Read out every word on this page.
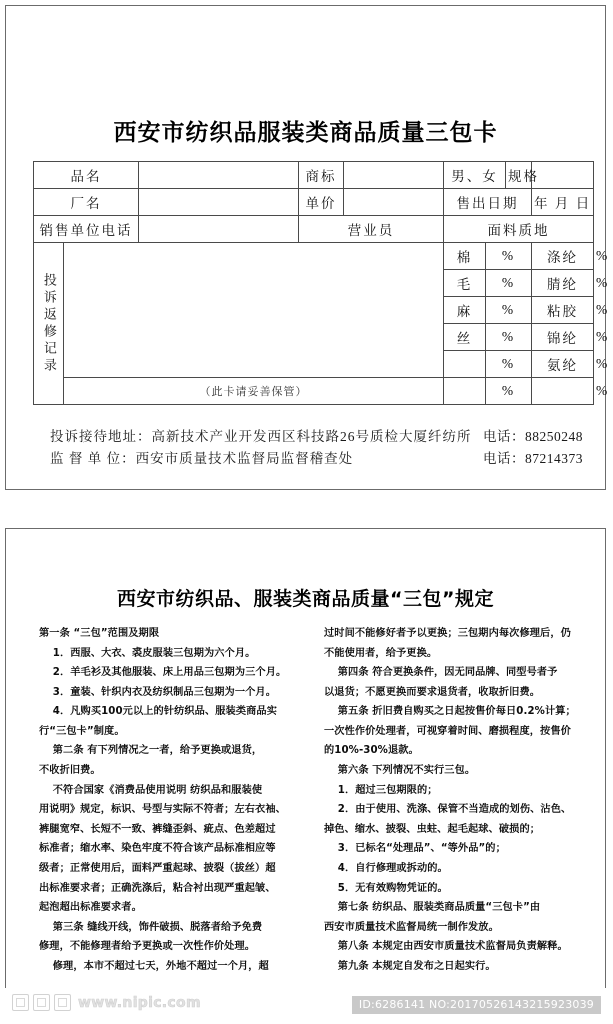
西安市纺织品服装类商品质量三包卡
品名			商标		男、女		规格		
厂名			单价		售出日期			年 月 日	
销售单位电话			营业员		面料质地				

投诉返修记录					棉	%		涤纶	%
					毛	%		腈纶	%
					麻	%		粘胶	%
					丝	%		锦纶	%
						%		氨纶	%
	（此卡请妥善保管）					%			%
投诉接待地址：高新技术产业开发西区科技路26号质检大厦纤纺所 电话：88250248
监 督 单 位：西安市质量技术监督局监督稽查处	电话：87214373
西安市纺织品、服装类商品质量“三包”规定

第一条 “三包”范围及期限

1．西服、大衣、裘皮服装三包期为六个月。

2．羊毛衫及其他服装、床上用品三包期为三个月。

3．童装、针织内衣及纺织制品三包期为一个月。

4．凡购买100元以上的针纺织品、服装类商品实

行“三包卡”制度。

第二条 有下列情况之一者，给予更换或退货，

不收折旧费。

不符合国家《消费品使用说明 纺织品和服装使

用说明》规定，标识、号型与实际不符者；左右衣袖、

裤腿宽窄、长短不一致、裤缝歪斜、疵点、色差超过

标准者；缩水率、染色牢度不符合该产品标准相应等

级者；正常使用后，面料严重起球、披裂（拔丝）超

出标准要求者；正确洗涤后，粘合衬出现严重起皱、

起泡超出标准要求者。

第三条 缝线开线，饰件破损、脱落者给予免费

修理，不能修理者给予更换或一次性作价处理。

修理，本市不超过七天，外地不超过一个月，超

过时间不能修好者予以更换；三包期内每次修理后，仍

不能使用者，给予更换。

第四条 符合更换条件，因无同品牌、同型号者予

以退货；不愿更换而要求退货者，收取折旧费。

第五条 折旧费自购买之日起按售价每日0.2%计算；

一次性作价处理者，可视穿着时间、磨损程度，按售价

的10%-30%退款。

第六条 下列情况不实行三包。

1．超过三包期限的；

2．由于使用、洗涤、保管不当造成的划伤、沾色、

掉色、缩水、披裂、虫蛀、起毛起球、破损的；

3．已标名“处理品”、“等外品”的；

4．自行修理或拆动的。

5．无有效购物凭证的。

第七条 纺织品、服装类商品质量“三包卡”由

西安市质量技术监督局统一制作发放。

第八条 本规定由西安市质量技术监督局负责解释。

第九条 本规定自发布之日起实行。

www.nipic.com	ID:6286141 NO:20170526143215923039
